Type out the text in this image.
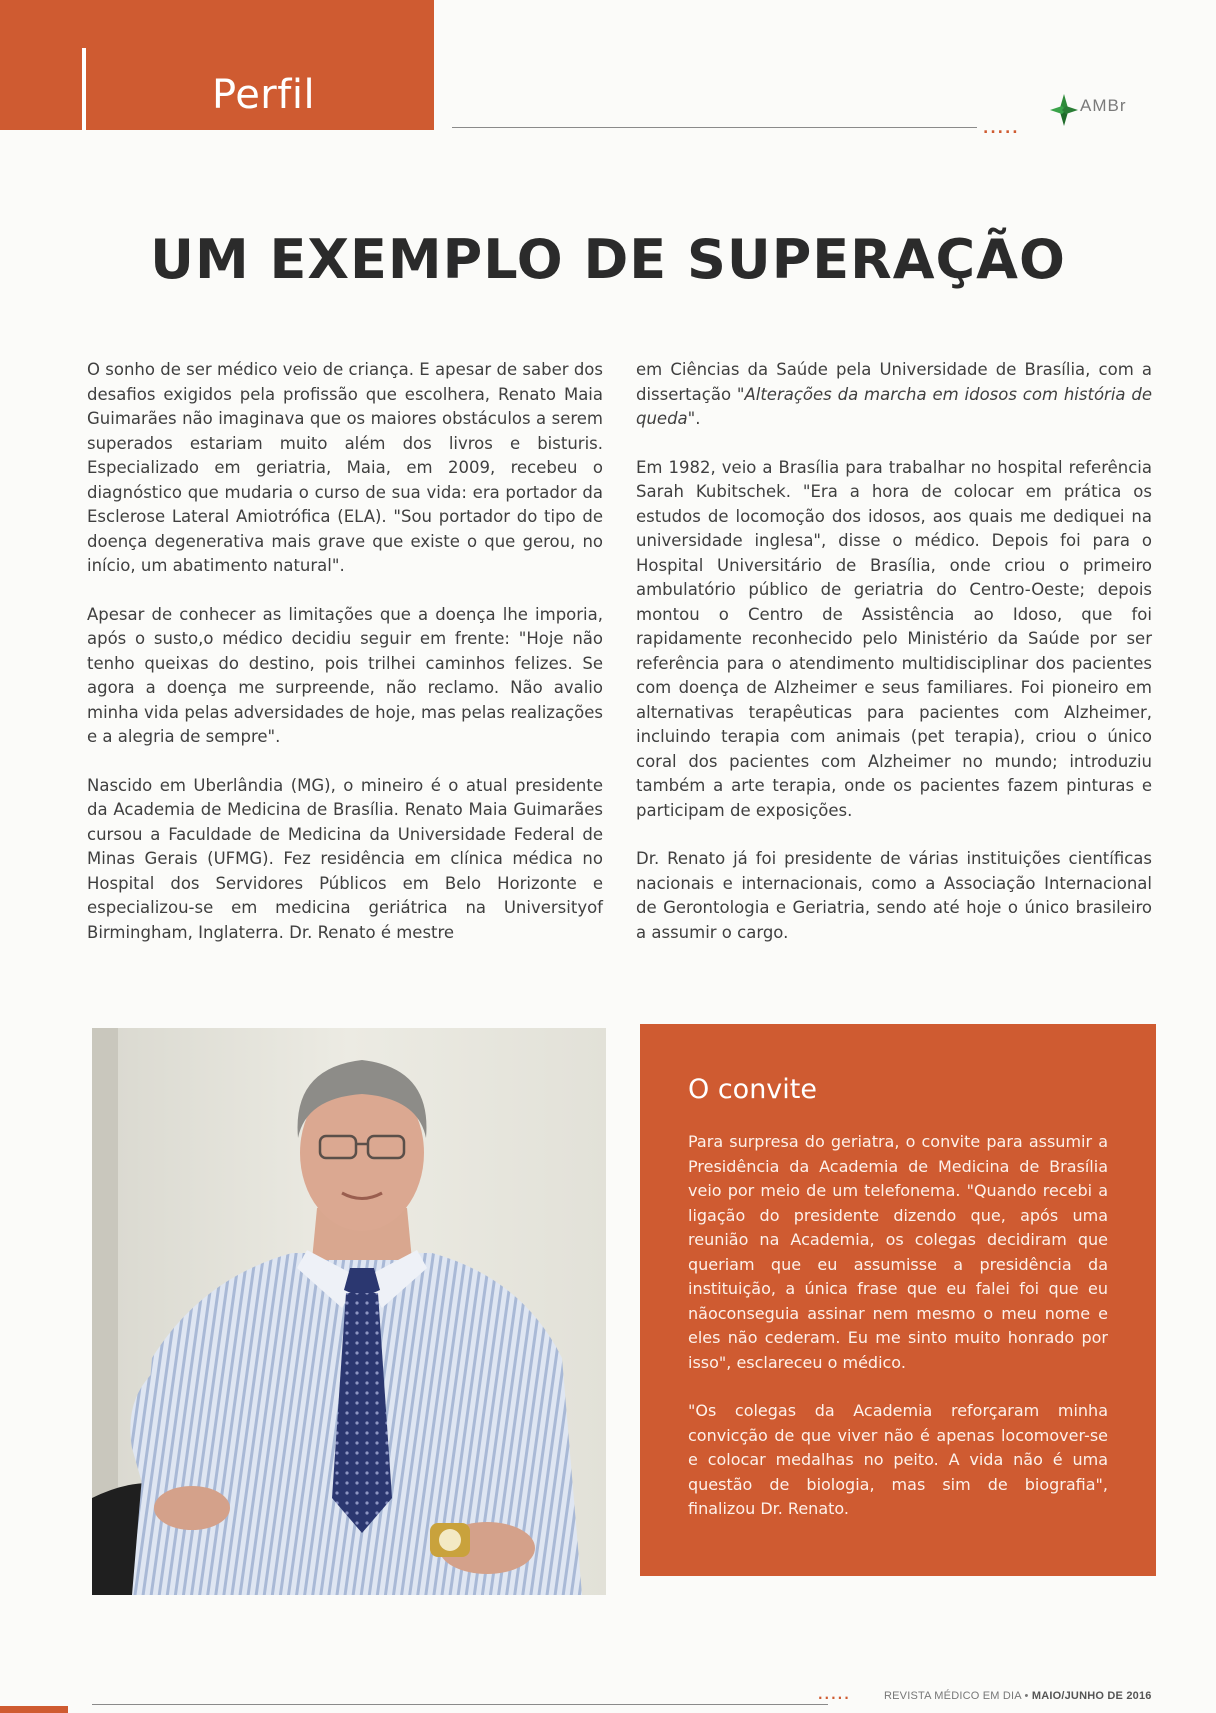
Perfil
.....
AMBr
UM EXEMPLO DE SUPERAÇÃO

O sonho de ser médico veio de criança. E apesar de saber dos desafios exigidos pela profissão que escolhera, Renato Maia Guimarães não imaginava que os maiores obstáculos a serem superados estariam muito além dos livros e bisturis. Especializado em geriatria, Maia, em 2009, recebeu o diagnóstico que mudaria o curso de sua vida: era portador da Esclerose Lateral Amiotrófica (ELA). "Sou portador do tipo de doença degenerativa mais grave que existe o que gerou, no início, um abatimento natural".

Apesar de conhecer as limitações que a doença lhe imporia, após o susto,o médico decidiu seguir em frente: "Hoje não tenho queixas do destino, pois trilhei caminhos felizes. Se agora a doença me surpreende, não reclamo. Não avalio minha vida pelas adversidades de hoje, mas pelas realizações e a alegria de sempre".

Nascido em Uberlândia (MG), o mineiro é o atual presidente da Academia de Medicina de Brasília. Renato Maia Guimarães cursou a Faculdade de Medicina da Universidade Federal de Minas Gerais (UFMG). Fez residência em clínica médica no Hospital dos Servidores Públicos em Belo Horizonte e especializou-se em medicina geriátrica na Universityof Birmingham, Inglaterra. Dr. Renato é mestre

em Ciências da Saúde pela Universidade de Brasília, com a dissertação "Alterações da marcha em idosos com história de queda".

Em 1982, veio a Brasília para trabalhar no hospital referência Sarah Kubitschek. "Era a hora de colocar em prática os estudos de locomoção dos idosos, aos quais me dediquei na universidade inglesa", disse o médico. Depois foi para o Hospital Universitário de Brasília, onde criou o primeiro ambulatório público de geriatria do Centro-Oeste; depois montou o Centro de Assistência ao Idoso, que foi rapidamente reconhecido pelo Ministério da Saúde por ser referência para o atendimento multidisciplinar dos pacientes com doença de Alzheimer e seus familiares. Foi pioneiro em alternativas terapêuticas para pacientes com Alzheimer, incluindo terapia com animais (pet terapia), criou o único coral dos pacientes com Alzheimer no mundo; introduziu também a arte terapia, onde os pacientes fazem pinturas e participam de exposições.

Dr. Renato já foi presidente de várias instituições científicas nacionais e internacionais, como a Associação Internacional de Gerontologia e Geriatria, sendo até hoje o único brasileiro a assumir o cargo.

O convite

Para surpresa do geriatra, o convite para assumir a Presidência da Academia de Medicina de Brasília veio por meio de um telefonema. "Quando recebi a ligação do presidente dizendo que, após uma reunião na Academia, os colegas decidiram que queriam que eu assumisse a presidência da instituição, a única frase que eu falei foi que eu nãoconseguia assinar nem mesmo o meu nome e eles não cederam. Eu me sinto muito honrado por isso", esclareceu o médico.

"Os colegas da Academia reforçaram minha convicção de que viver não é apenas locomover-se e colocar medalhas no peito. A vida não é uma questão de biologia, mas sim de biografia", finalizou Dr. Renato.

.....	REVISTA MÉDICO EM DIA • MAIO/JUNHO DE 2016
